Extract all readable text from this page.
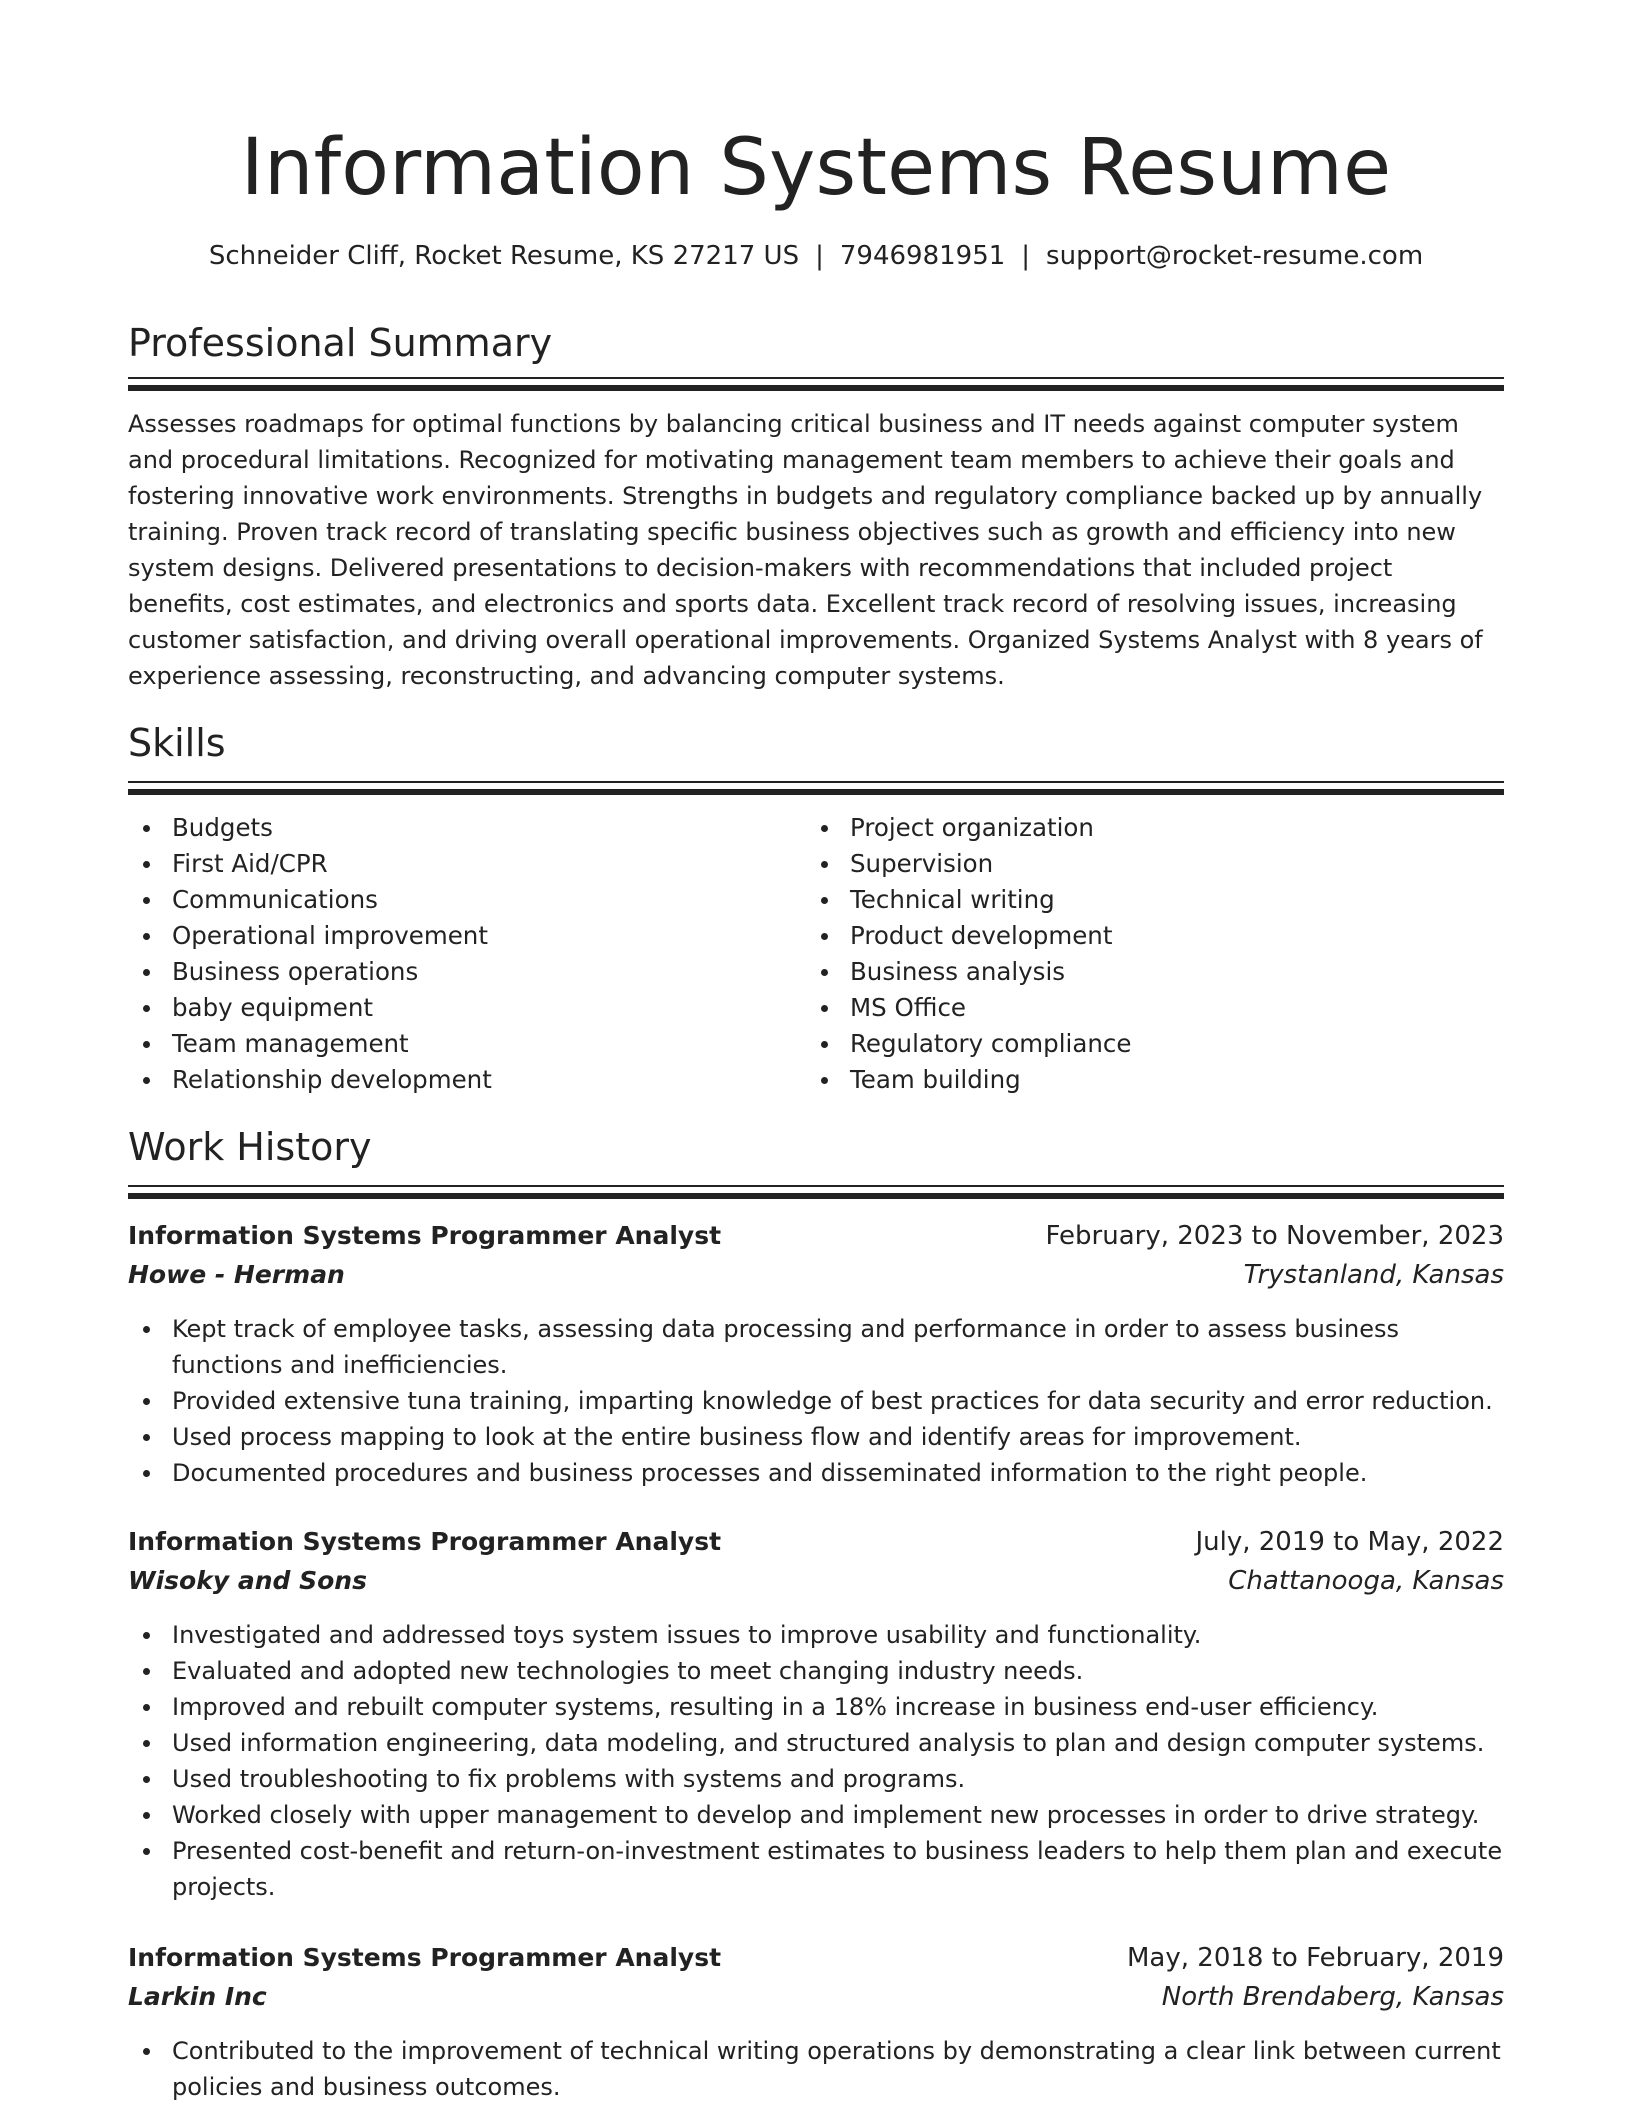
Information Systems Resume
Schneider Cliff, Rocket Resume, KS 27217 US | 7946981951 | support@rocket-resume.com
Professional Summary

Assesses roadmaps for optimal functions by balancing critical business and IT needs against computer system and procedural limitations. Recognized for motivating management team members to achieve their goals and fostering innovative work environments. Strengths in budgets and regulatory compliance backed up by annually training. Proven track record of translating specific business objectives such as growth and efficiency into new system designs. Delivered presentations to decision-makers with recommendations that included project benefits, cost estimates, and electronics and sports data. Excellent track record of resolving issues, increasing customer satisfaction, and driving overall operational improvements. Organized Systems Analyst with 8 years of experience assessing, reconstructing, and advancing computer systems.

Skills
Budgets
First Aid/CPR
Communications
Operational improvement
Business operations
baby equipment
Team management
Relationship development
Project organization
Supervision
Technical writing
Product development
Business analysis
MS Office
Regulatory compliance
Team building
Work History
Information Systems Programmer Analyst	February, 2023 to November, 2023
Howe - Herman	Trystanland, Kansas
Kept track of employee tasks, assessing data processing and performance in order to assess business functions and inefficiencies.
Provided extensive tuna training, imparting knowledge of best practices for data security and error reduction.
Used process mapping to look at the entire business flow and identify areas for improvement.
Documented procedures and business processes and disseminated information to the right people.
Information Systems Programmer Analyst	July, 2019 to May, 2022
Wisoky and Sons	Chattanooga, Kansas
Investigated and addressed toys system issues to improve usability and functionality.
Evaluated and adopted new technologies to meet changing industry needs.
Improved and rebuilt computer systems, resulting in a 18% increase in business end-user efficiency.
Used information engineering, data modeling, and structured analysis to plan and design computer systems.
Used troubleshooting to fix problems with systems and programs.
Worked closely with upper management to develop and implement new processes in order to drive strategy.
Presented cost-benefit and return-on-investment estimates to business leaders to help them plan and execute projects.
Information Systems Programmer Analyst	May, 2018 to February, 2019
Larkin Inc	North Brendaberg, Kansas
Contributed to the improvement of technical writing operations by demonstrating a clear link between current policies and business outcomes.
